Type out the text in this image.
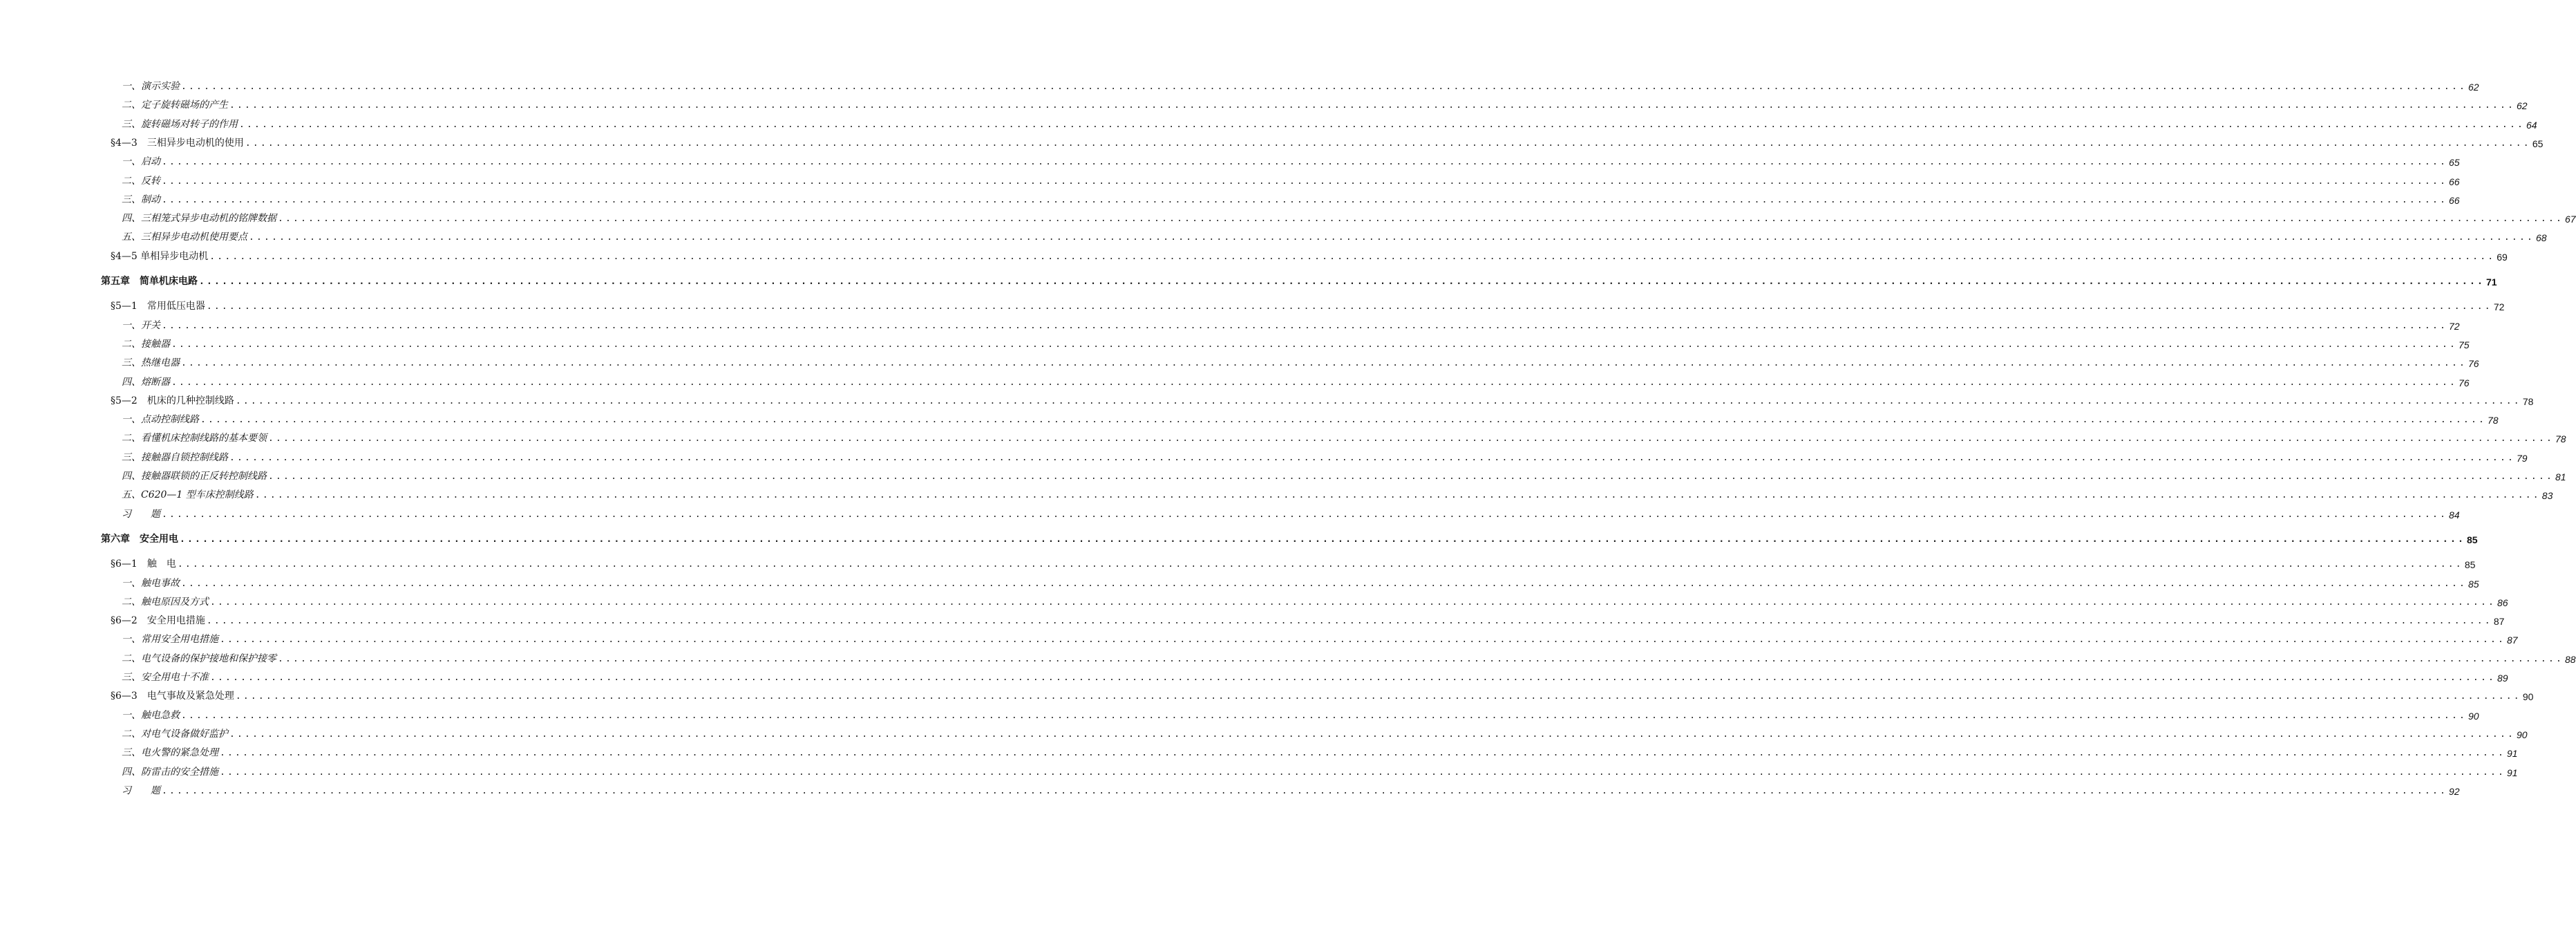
一、演示实验 ............................................................................................................................................................................................................................................................................................................ 62
二、定子旋转磁场的产生 ............................................................................................................................................................................................................................................................................................................ 62
三、旋转磁场对转子的作用 ............................................................................................................................................................................................................................................................................................................ 64
§4—3　三相异步电动机的使用 ............................................................................................................................................................................................................................................................................................................ 65
一、启动 ............................................................................................................................................................................................................................................................................................................ 65
二、反转 ............................................................................................................................................................................................................................................................................................................ 66
三、制动 ............................................................................................................................................................................................................................................................................................................ 66
四、三相笼式异步电动机的铭牌数据 ............................................................................................................................................................................................................................................................................................................ 67
五、三相异步电动机使用要点 ............................................................................................................................................................................................................................................................................................................ 68
§4—5 单相异步电动机 ............................................................................................................................................................................................................................................................................................................ 69
第五章　简单机床电路 ............................................................................................................................................................................................................................................................................................................ 71
§5—1　常用低压电器 ............................................................................................................................................................................................................................................................................................................ 72
一、开关 ............................................................................................................................................................................................................................................................................................................ 72
二、接触器 ............................................................................................................................................................................................................................................................................................................ 75
三、热继电器 ............................................................................................................................................................................................................................................................................................................ 76
四、熔断器 ............................................................................................................................................................................................................................................................................................................ 76
§5—2　机床的几种控制线路 ............................................................................................................................................................................................................................................................................................................ 78
一、点动控制线路 ............................................................................................................................................................................................................................................................................................................ 78
二、看懂机床控制线路的基本要领 ............................................................................................................................................................................................................................................................................................................ 78
三、接触器自锁控制线路 ............................................................................................................................................................................................................................................................................................................ 79
四、接触器联锁的正反转控制线路 ............................................................................................................................................................................................................................................................................................................ 81
五、C620—1 型车床控制线路 ............................................................................................................................................................................................................................................................................................................ 83
习　　题 ............................................................................................................................................................................................................................................................................................................ 84
第六章　安全用电 ............................................................................................................................................................................................................................................................................................................ 85
§6—1　触　电 ............................................................................................................................................................................................................................................................................................................ 85
一、触电事故 ............................................................................................................................................................................................................................................................................................................ 85
二、触电原因及方式 ............................................................................................................................................................................................................................................................................................................ 86
§6—2　安全用电措施 ............................................................................................................................................................................................................................................................................................................ 87
一、常用安全用电措施 ............................................................................................................................................................................................................................................................................................................ 87
二、电气设备的保护接地和保护接零 ............................................................................................................................................................................................................................................................................................................ 88
三、安全用电十不准 ............................................................................................................................................................................................................................................................................................................ 89
§6—3　电气事故及紧急处理 ............................................................................................................................................................................................................................................................................................................ 90
一、触电急救 ............................................................................................................................................................................................................................................................................................................ 90
二、对电气设备做好监护 ............................................................................................................................................................................................................................................................................................................ 90
三、电火警的紧急处理 ............................................................................................................................................................................................................................................................................................................ 91
四、防雷击的安全措施 ............................................................................................................................................................................................................................................................................................................ 91
习　　题 ............................................................................................................................................................................................................................................................................................................ 92
